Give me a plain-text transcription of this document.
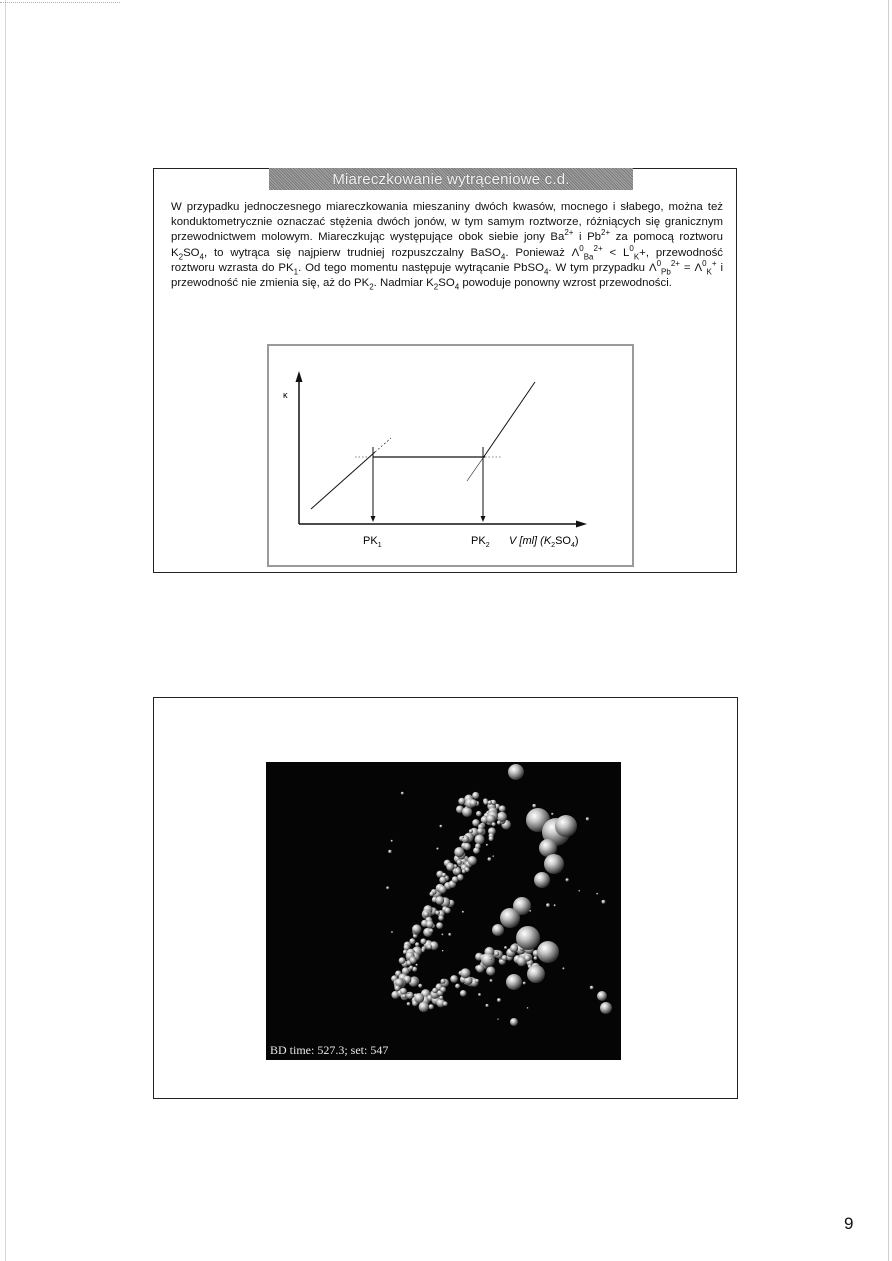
Miareczkowanie wytrąceniowe c.d.
W przypadku jednoczesnego miareczkowania mieszaniny dwóch kwasów, mocnego i słabego, można też konduktometrycznie oznaczać stężenia dwóch jonów, w tym samym roztworze, różniących się granicznym przewodnictwem molowym. Miareczkując występujące obok siebie jony $Ba^{2+}$ i $Pb^{2+}$ za pomocą roztworu $K_2SO_4$, to wytrąca się najpierw trudniej rozpuszczalny BaSO$_4$. Ponieważ $\Lambda^0_{Ba}^{2+} < L^0_K+$, przewodność roztworu wzrasta do $PK_1$. Od tego momentu następuje wytrącanie PbSO$_4$. W tym przypadku $\Lambda^0_{Pb}^{2+} = \Lambda^0_K^+$ i przewodność nie zmienia się, aż do $PK_2$. Nadmiar $K_2SO_4$ powoduje ponowny wzrost przewodności.
κ
$PK_1$	$PK_2$ V [ml] $(K_2SO_4)$
BD time: 527.3; set: 547
9
